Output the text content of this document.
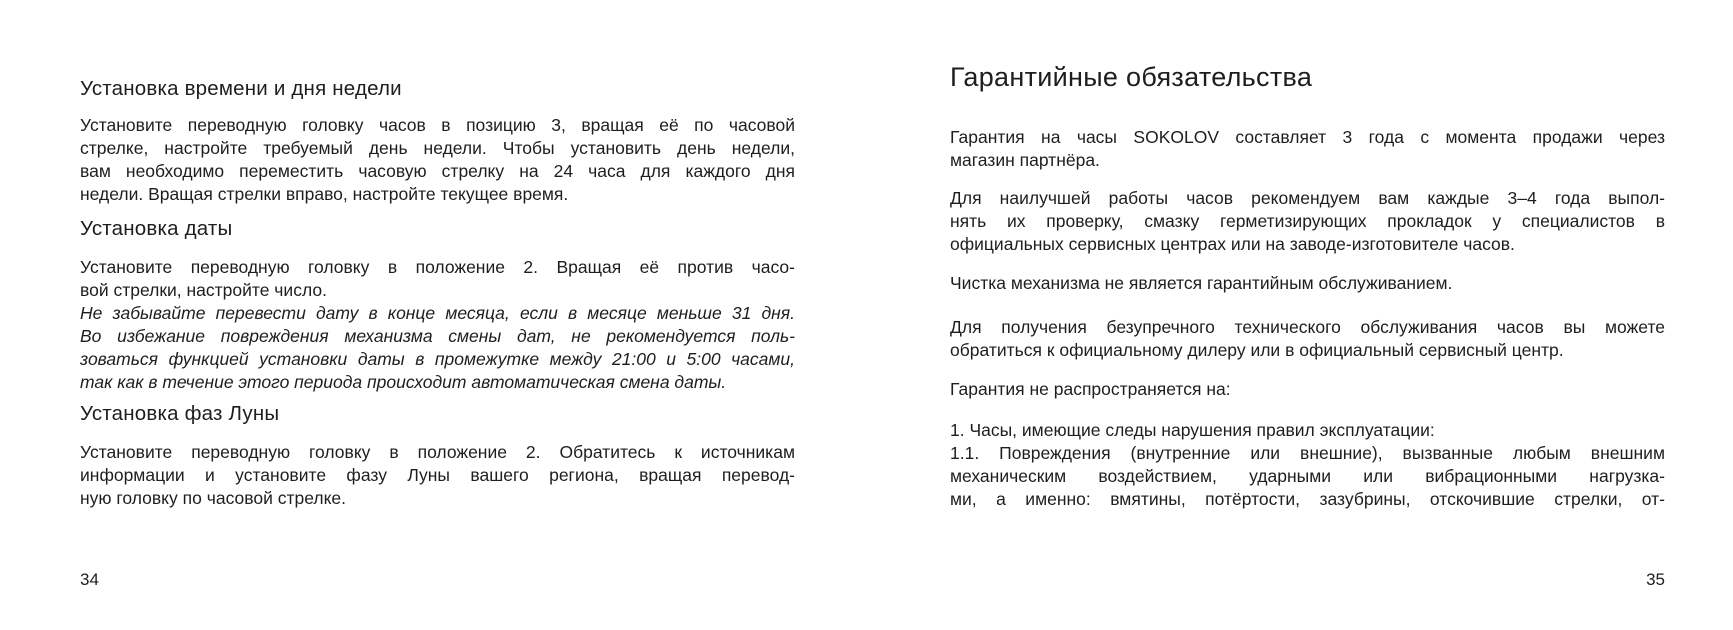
Установка времени и дня недели
Установите переводную головку часов в позицию 3, вращая её по часовой
стрелке, настройте требуемый день недели. Чтобы установить день недели,
вам необходимо переместить часовую стрелку на 24 часа для каждого дня
недели. Вращая стрелки вправо, настройте текущее время.
Установка даты
Установите переводную головку в положение 2. Вращая её против часо-
вой стрелки, настройте число.
Не забывайте перевести дату в конце месяца, если в месяце меньше 31 дня.
Во избежание повреждения механизма смены дат, не рекомендуется поль-
зоваться функцией установки даты в промежутке между 21:00 и 5:00 часами,
так как в течение этого периода происходит автоматическая смена даты.
Установка фаз Луны
Установите переводную головку в положение 2. Обратитесь к источникам
информации и установите фазу Луны вашего региона, вращая перевод-
ную головку по часовой стрелке.
34
Гарантийные обязательства
Гарантия на часы SOKOLOV составляет 3 года с момента продажи через
магазин партнёра.
Для наилучшей работы часов рекомендуем вам каждые 3–4 года выпол-
нять их проверку, смазку герметизирующих прокладок у специалистов в
официальных сервисных центрах или на заводе-изготовителе часов.
Чистка механизма не является гарантийным обслуживанием.
Для получения безупречного технического обслуживания часов вы можете
обратиться к официальному дилеру или в официальный сервисный центр.
Гарантия не распространяется на:
1. Часы, имеющие следы нарушения правил эксплуатации:
1.1. Повреждения (внутренние или внешние), вызванные любым внешним
механическим воздействием, ударными или вибрационными нагрузка-
ми, а именно: вмятины, потёртости, зазубрины, отскочившие стрелки, от-
35
